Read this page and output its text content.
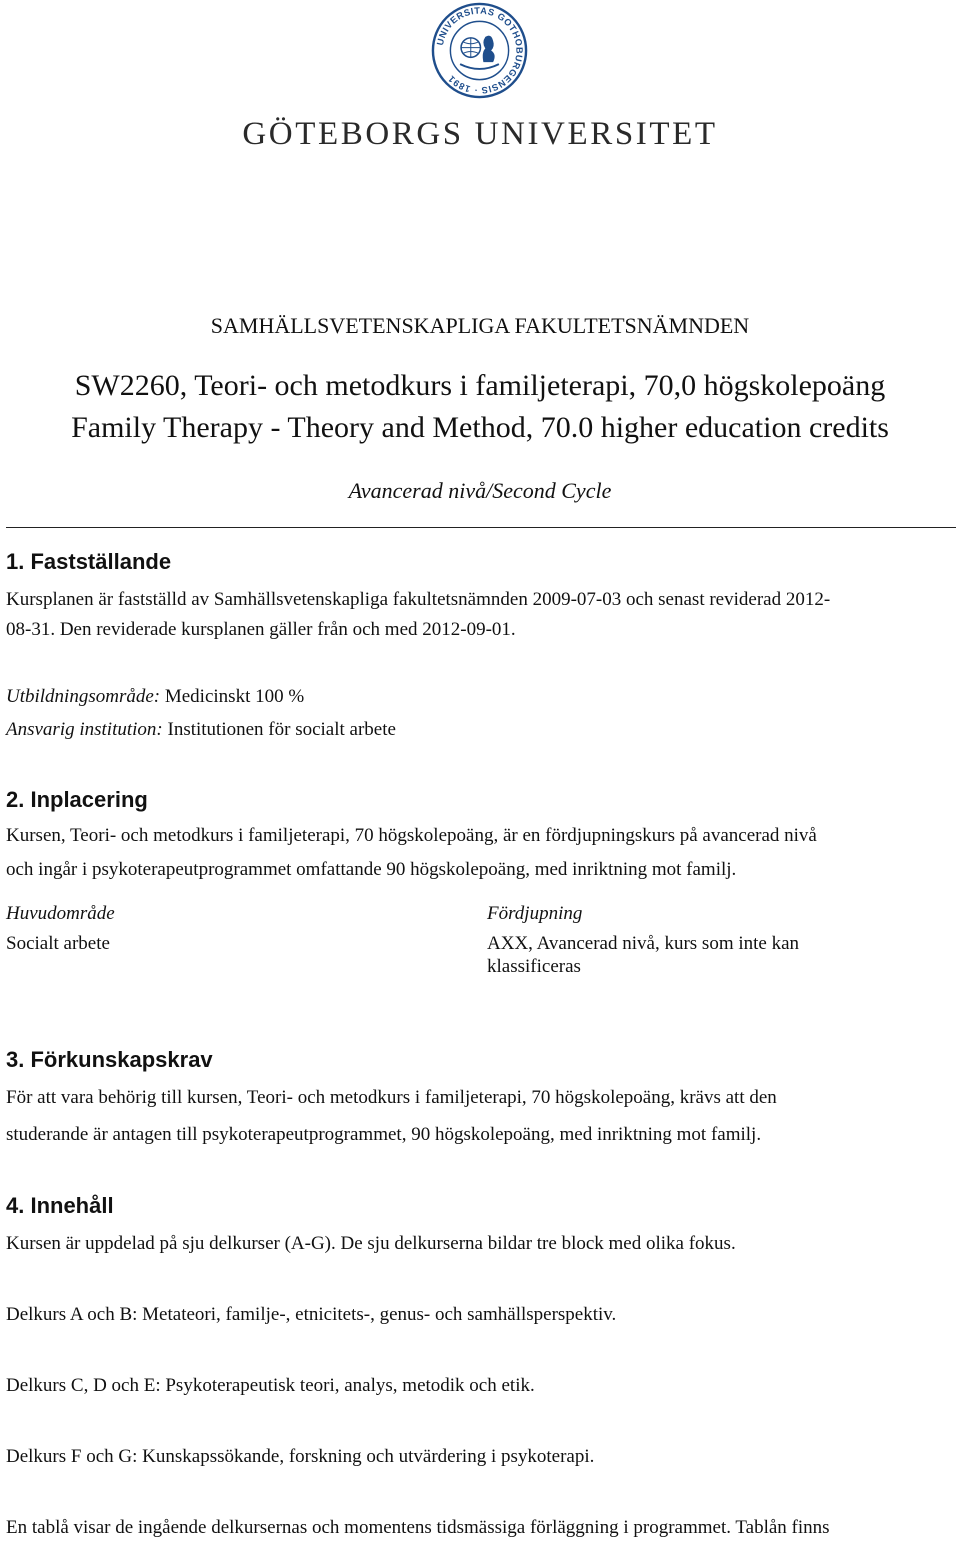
UNIVERSITAS GOTHOBURGENSIS · 1891
GÖTEBORGS UNIVERSITET
SAMHÄLLSVETENSKAPLIGA FAKULTETSNÄMNDEN
SW2260, Teori- och metodkurs i familjeterapi, 70,0 högskolepoäng
Family Therapy - Theory and Method, 70.0 higher education credits
Avancerad nivå/Second Cycle
1. Fastställande
Kursplanen är fastställd av Samhällsvetenskapliga fakultetsnämnden 2009-07-03 och senast reviderad 2012-
08-31. Den reviderade kursplanen gäller från och med 2012-09-01.
Utbildningsområde: Medicinskt 100 %
Ansvarig institution: Institutionen för socialt arbete
2. Inplacering
Kursen, Teori- och metodkurs i familjeterapi, 70 högskolepoäng, är en fördjupningskurs på avancerad nivå
och ingår i psykoterapeutprogrammet omfattande 90 högskolepoäng, med inriktning mot familj.
Huvudområde
Socialt arbete
Fördjupning
AXX, Avancerad nivå, kurs som inte kan
klassificeras
3. Förkunskapskrav
För att vara behörig till kursen, Teori- och metodkurs i familjeterapi, 70 högskolepoäng, krävs att den
studerande är antagen till psykoterapeutprogrammet, 90 högskolepoäng, med inriktning mot familj.
4. Innehåll
Kursen är uppdelad på sju delkurser (A-G). De sju delkurserna bildar tre block med olika fokus.
Delkurs A och B: Metateori, familje-, etnicitets-, genus- och samhällsperspektiv.
Delkurs C, D och E: Psykoterapeutisk teori, analys, metodik och etik.
Delkurs F och G: Kunskapssökande, forskning och utvärdering i psykoterapi.
En tablå visar de ingående delkursernas och momentens tidsmässiga förläggning i programmet. Tablån finns
